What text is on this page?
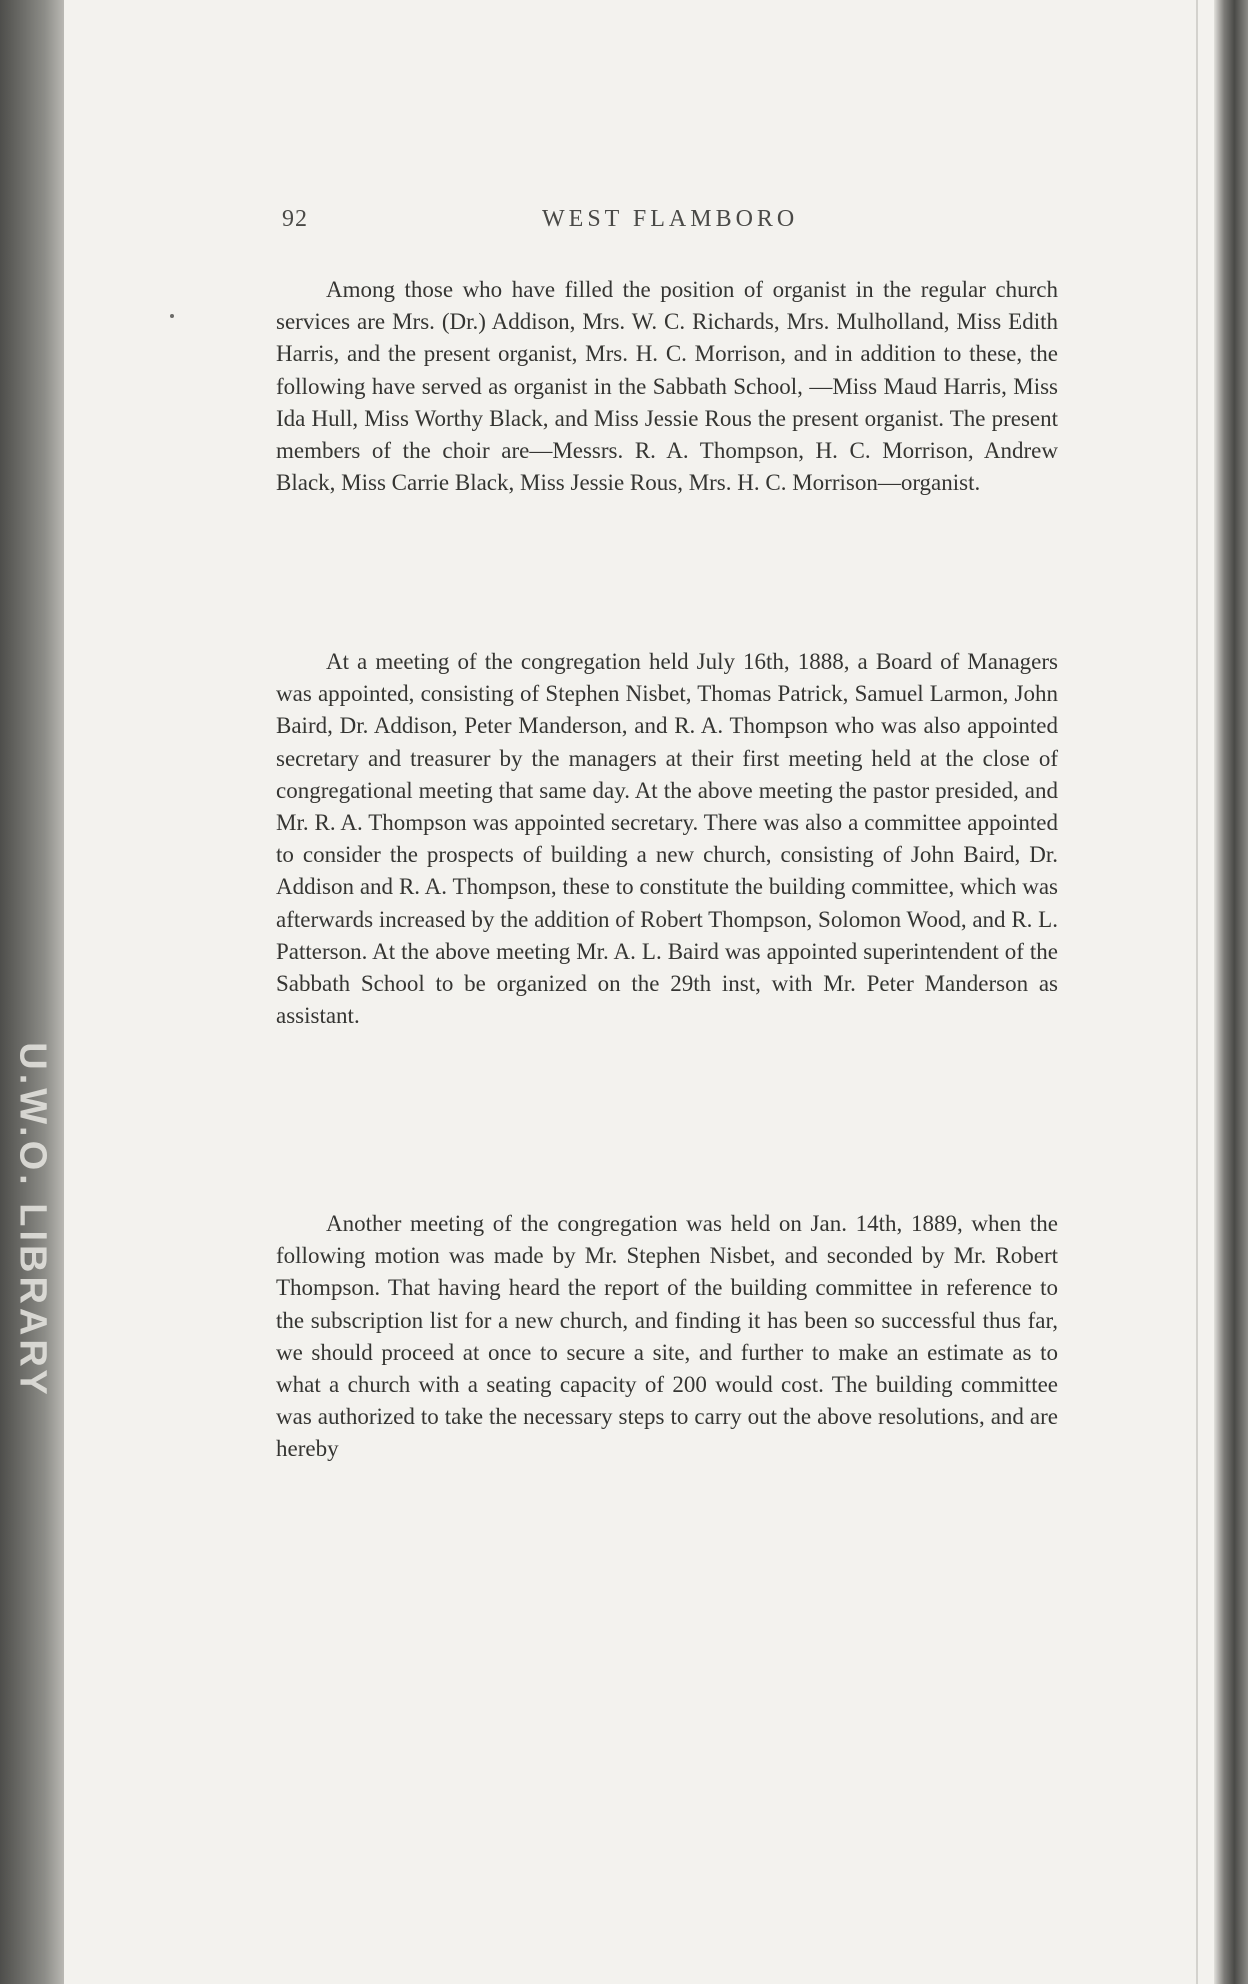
U.W.O. LIBRARY
92	WEST FLAMBORO

Among those who have filled the position of organist in the regular church services are Mrs. (Dr.) Addison, Mrs. W. C. Richards, Mrs. Mulholland, Miss Edith Harris, and the present organist, Mrs. H. C. Morrison, and in addition to these, the following have served as organist in the Sabbath School, —Miss Maud Harris, Miss Ida Hull, Miss Worthy Black, and Miss Jessie Rous the present organist. The present members of the choir are—Messrs. R. A. Thompson, H. C. Morrison, Andrew Black, Miss Carrie Black, Miss Jessie Rous, Mrs. H. C. Morrison—organist.

At a meeting of the congregation held July 16th, 1888, a Board of Managers was appointed, consisting of Stephen Nisbet, Thomas Patrick, Samuel Larmon, John Baird, Dr. Addison, Peter Manderson, and R. A. Thompson who was also appointed secretary and treasurer by the managers at their first meeting held at the close of congregational meeting that same day. At the above meeting the pastor presided, and Mr. R. A. Thompson was appointed secretary. There was also a committee appointed to consider the prospects of building a new church, consisting of John Baird, Dr. Addison and R. A. Thompson, these to constitute the building committee, which was afterwards increased by the addition of Robert Thompson, Solomon Wood, and R. L. Patterson. At the above meeting Mr. A. L. Baird was appointed superintendent of the Sabbath School to be organized on the 29th inst, with Mr. Peter Manderson as assistant.

Another meeting of the congregation was held on Jan. 14th, 1889, when the following motion was made by Mr. Stephen Nisbet, and seconded by Mr. Robert Thompson. That having heard the report of the building committee in reference to the subscription list for a new church, and finding it has been so successful thus far, we should proceed at once to secure a site, and further to make an estimate as to what a church with a seating capacity of 200 would cost. The building committee was authorized to take the necessary steps to carry out the above resolutions, and are hereby
